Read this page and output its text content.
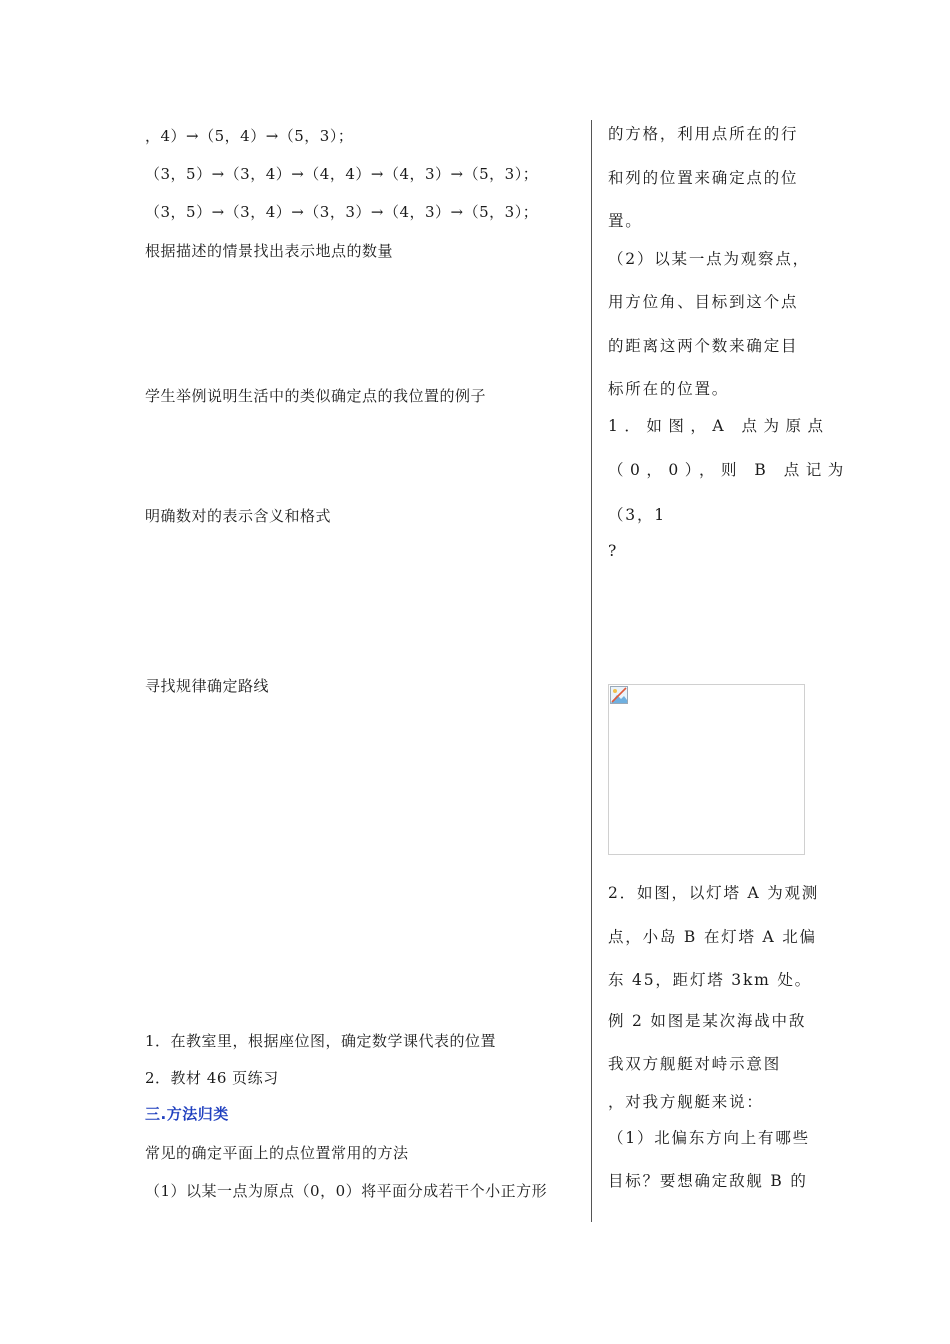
，4）→（5，4）→（5，3）；
（3，5）→（3，4）→（4，4）→（4，3）→（5，3）；
（3，5）→（3，4）→（3，3）→（4，3）→（5，3）；
根据描述的情景找出表示地点的数量
学生举例说明生活中的类似确定点的我位置的例子
明确数对的表示含义和格式
寻找规律确定路线
1．在教室里，根据座位图，确定数学课代表的位置
2．教材 46 页练习
三.方法归类
常见的确定平面上的点位置常用的方法
（1）以某一点为原点（0，0）将平面分成若干个小正方形
的方格，利用点所在的行
和列的位置来确定点的位
置。
（2）以某一点为观察点，
用方位角、目标到这个点
的距离这两个数来确定目
标所在的位置。
1．如图，A 点为原点
（0，0），则 B 点记为
（3，1
?
2．如图，以灯塔 A 为观测
点，小岛 B 在灯塔 A 北偏
东 45，距灯塔 3km 处。
例 2 如图是某次海战中敌
我双方舰艇对峙示意图
，对我方舰艇来说：
（1）北偏东方向上有哪些
目标？要想确定敌舰 B 的
